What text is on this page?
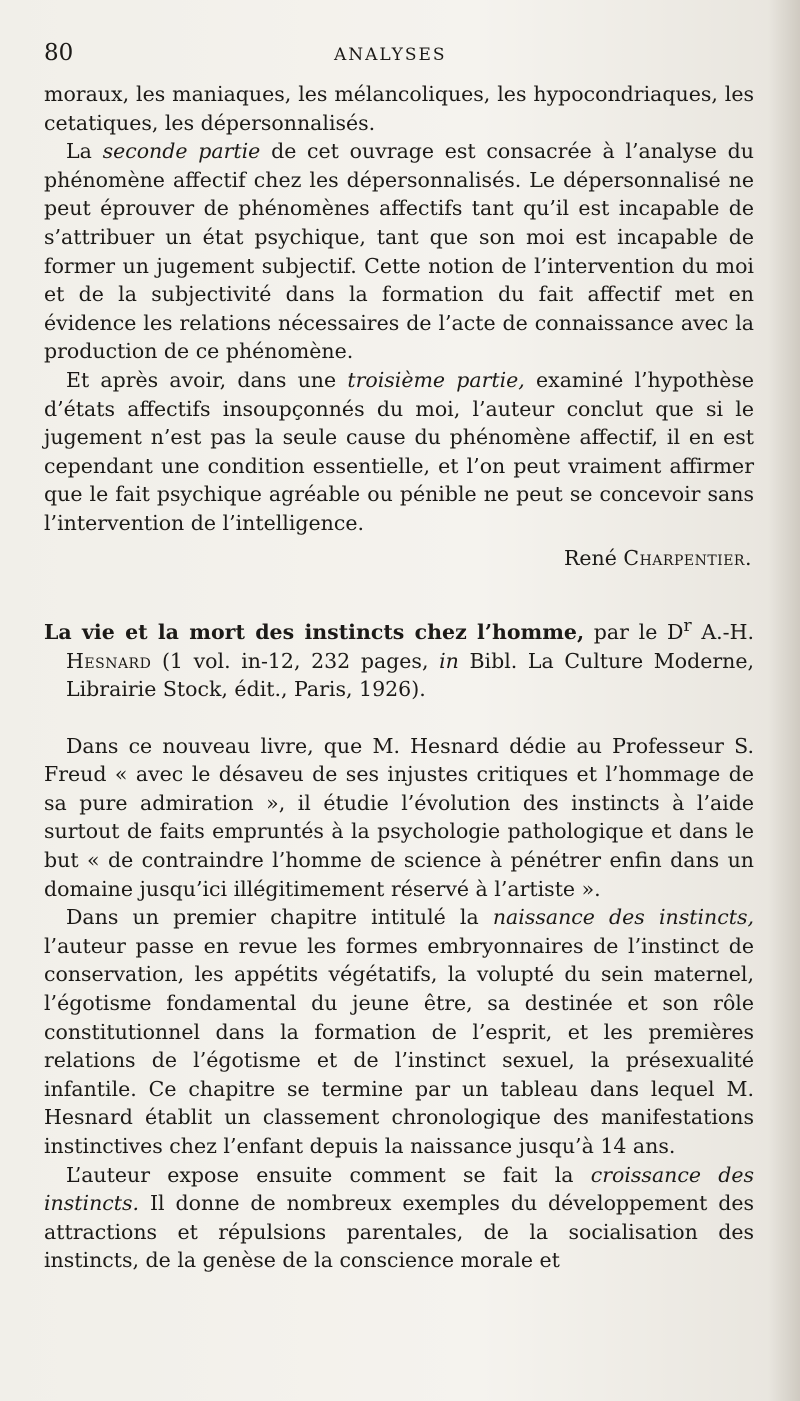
80	ANALYSES

moraux, les maniaques, les mélancoliques, les hypocondriaques, les cetatiques, les dépersonnalisés.

La seconde partie de cet ouvrage est consacrée à l’analyse du phénomène affectif chez les dépersonnalisés. Le dépersonnalisé ne peut éprouver de phénomènes affectifs tant qu’il est incapable de s’attribuer un état psychique, tant que son moi est incapable de former un jugement subjectif. Cette notion de l’intervention du moi et de la subjectivité dans la formation du fait affectif met en évidence les relations nécessaires de l’acte de connaissance avec la production de ce phénomène.

Et après avoir, dans une troisième partie, examiné l’hypothèse d’états affectifs insoupçonnés du moi, l’auteur conclut que si le jugement n’est pas la seule cause du phénomène affectif, il en est cependant une condition essentielle, et l’on peut vraiment affirmer que le fait psychique agréable ou pénible ne peut se concevoir sans l’intervention de l’intelligence.

René Charpentier.

La vie et la mort des instincts chez l’homme, par le $D^r$ A.-H. Hesnard (1 vol. in-12, 232 pages, in Bibl. La Culture Moderne, Librairie Stock, édit., Paris, 1926).

Dans ce nouveau livre, que M. Hesnard dédie au Professeur S. Freud « avec le désaveu de ses injustes critiques et l’hommage de sa pure admiration », il étudie l’évolution des instincts à l’aide surtout de faits empruntés à la psychologie pathologique et dans le but « de contraindre l’homme de science à pénétrer enfin dans un domaine jusqu’ici illégitimement réservé à l’artiste ».

Dans un premier chapitre intitulé la naissance des instincts, l’auteur passe en revue les formes embryonnaires de l’instinct de conservation, les appétits végétatifs, la volupté du sein maternel, l’égotisme fondamental du jeune être, sa destinée et son rôle constitutionnel dans la formation de l’esprit, et les premières relations de l’égotisme et de l’instinct sexuel, la présexualité infantile. Ce chapitre se termine par un tableau dans lequel M. Hesnard établit un classement chronologique des manifestations instinctives chez l’enfant depuis la naissance jusqu’à 14 ans.

L’auteur expose ensuite comment se fait la croissance des instincts. Il donne de nombreux exemples du développement des attractions et répulsions parentales, de la socialisation des instincts, de la genèse de la conscience morale et
